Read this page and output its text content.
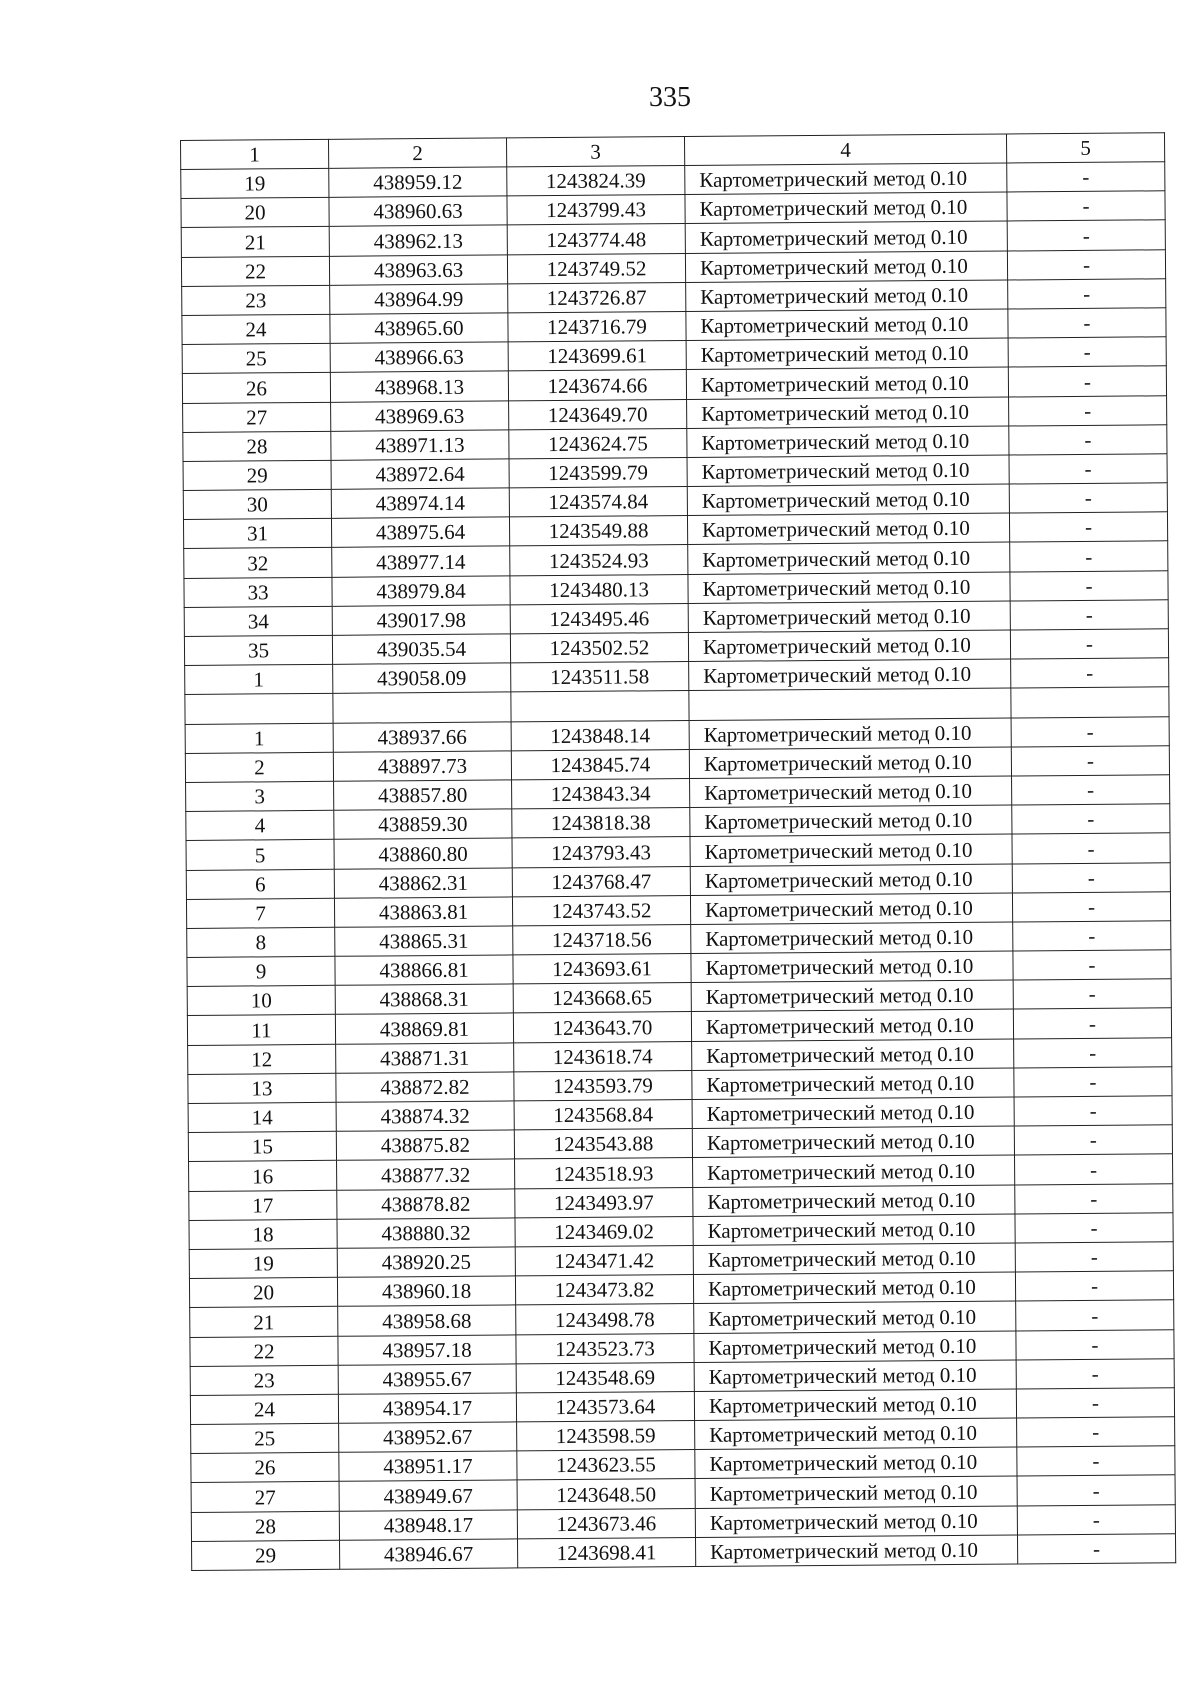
335
1	2	3	4	5
19	438959.12	1243824.39	Картометрический метод 0.10	-
20	438960.63	1243799.43	Картометрический метод 0.10	-
21	438962.13	1243774.48	Картометрический метод 0.10	-
22	438963.63	1243749.52	Картометрический метод 0.10	-
23	438964.99	1243726.87	Картометрический метод 0.10	-
24	438965.60	1243716.79	Картометрический метод 0.10	-
25	438966.63	1243699.61	Картометрический метод 0.10	-
26	438968.13	1243674.66	Картометрический метод 0.10	-
27	438969.63	1243649.70	Картометрический метод 0.10	-
28	438971.13	1243624.75	Картометрический метод 0.10	-
29	438972.64	1243599.79	Картометрический метод 0.10	-
30	438974.14	1243574.84	Картометрический метод 0.10	-
31	438975.64	1243549.88	Картометрический метод 0.10	-
32	438977.14	1243524.93	Картометрический метод 0.10	-
33	438979.84	1243480.13	Картометрический метод 0.10	-
34	439017.98	1243495.46	Картометрический метод 0.10	-
35	439035.54	1243502.52	Картометрический метод 0.10	-
1	439058.09	1243511.58	Картометрический метод 0.10	-

1	438937.66	1243848.14	Картометрический метод 0.10	-
2	438897.73	1243845.74	Картометрический метод 0.10	-
3	438857.80	1243843.34	Картометрический метод 0.10	-
4	438859.30	1243818.38	Картометрический метод 0.10	-
5	438860.80	1243793.43	Картометрический метод 0.10	-
6	438862.31	1243768.47	Картометрический метод 0.10	-
7	438863.81	1243743.52	Картометрический метод 0.10	-
8	438865.31	1243718.56	Картометрический метод 0.10	-
9	438866.81	1243693.61	Картометрический метод 0.10	-
10	438868.31	1243668.65	Картометрический метод 0.10	-
11	438869.81	1243643.70	Картометрический метод 0.10	-
12	438871.31	1243618.74	Картометрический метод 0.10	-
13	438872.82	1243593.79	Картометрический метод 0.10	-
14	438874.32	1243568.84	Картометрический метод 0.10	-
15	438875.82	1243543.88	Картометрический метод 0.10	-
16	438877.32	1243518.93	Картометрический метод 0.10	-
17	438878.82	1243493.97	Картометрический метод 0.10	-
18	438880.32	1243469.02	Картометрический метод 0.10	-
19	438920.25	1243471.42	Картометрический метод 0.10	-
20	438960.18	1243473.82	Картометрический метод 0.10	-
21	438958.68	1243498.78	Картометрический метод 0.10	-
22	438957.18	1243523.73	Картометрический метод 0.10	-
23	438955.67	1243548.69	Картометрический метод 0.10	-
24	438954.17	1243573.64	Картометрический метод 0.10	-
25	438952.67	1243598.59	Картометрический метод 0.10	-
26	438951.17	1243623.55	Картометрический метод 0.10	-
27	438949.67	1243648.50	Картометрический метод 0.10	-
28	438948.17	1243673.46	Картометрический метод 0.10	-
29	438946.67	1243698.41	Картометрический метод 0.10	-
